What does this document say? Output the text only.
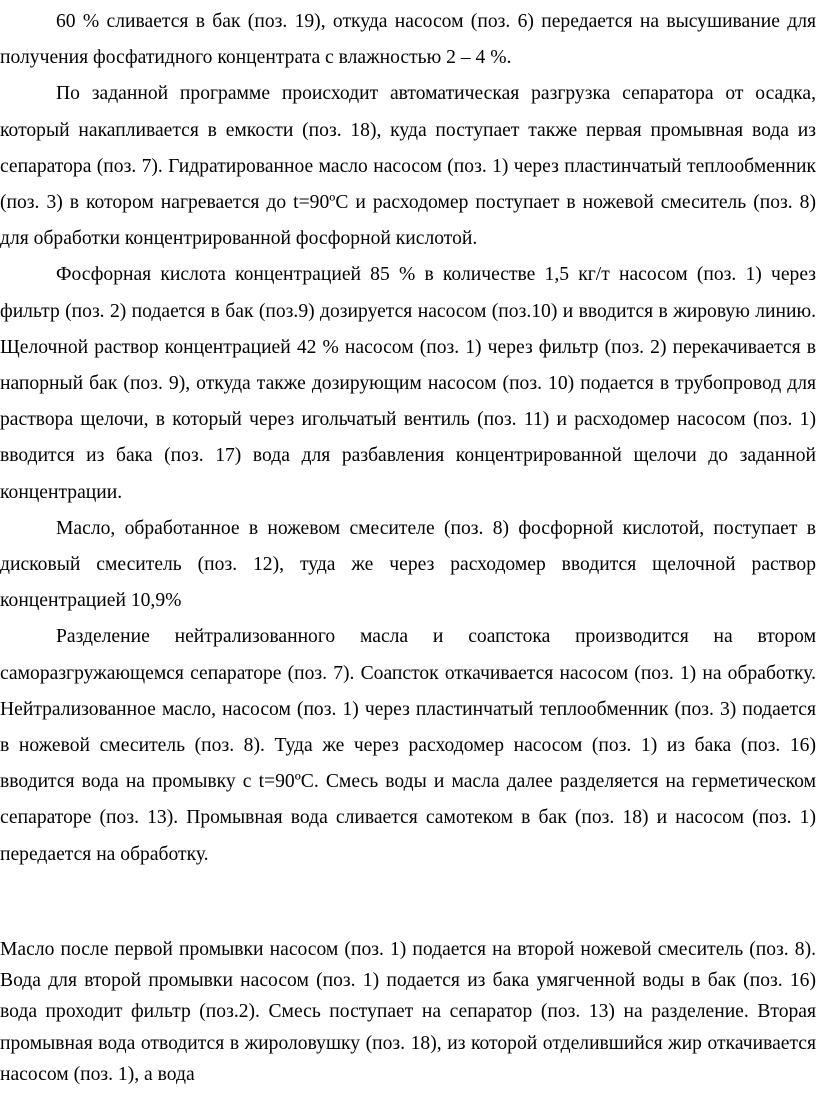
60 % сливается в бак (поз. 19), откуда насосом (поз. 6) передается на высушивание для получения фосфатидного концентрата с влажностью 2 – 4 %.

По заданной программе происходит автоматическая разгрузка сепаратора от осадка, который накапливается в емкости (поз. 18), куда поступает также первая промывная вода из сепаратора (поз. 7). Гидратированное масло насосом (поз. 1) через пластинчатый теплообменник (поз. 3) в котором нагревается до t=90ºС и расходомер поступает в ножевой смеситель (поз. 8) для обработки концентрированной фосфорной кислотой.

Фосфорная кислота концентрацией 85 % в количестве 1,5 кг/т насосом (поз. 1) через фильтр (поз. 2) подается в бак (поз.9) дозируется насосом (поз.10) и вводится в жировую линию. Щелочной раствор концентрацией 42 % насосом (поз. 1) через фильтр (поз. 2) перекачивается в напорный бак (поз. 9), откуда также дозирующим насосом (поз. 10) подается в трубопровод для раствора щелочи, в который через игольчатый вентиль (поз. 11) и расходомер насосом (поз. 1) вводится из бака (поз. 17) вода для разбавления концентрированной щелочи до заданной концентрации.

Масло, обработанное в ножевом смесителе (поз. 8) фосфорной кислотой, поступает в дисковый смеситель (поз. 12), туда же через расходомер вводится щелочной раствор концентрацией 10,9%

Разделение нейтрализованного масла и соапстока производится на втором саморазгружающемся сепараторе (поз. 7). Соапсток откачивается насосом (поз. 1) на обработку. Нейтрализованное масло, насосом (поз. 1) через пластинчатый теплообменник (поз. 3) подается в ножевой смеситель (поз. 8). Туда же через расходомер насосом (поз. 1) из бака (поз. 16) вводится вода на промывку с t=90ºС. Смесь воды и масла далее разделяется на герметическом сепараторе (поз. 13). Промывная вода сливается самотеком в бак (поз. 18) и насосом (поз. 1) передается на обработку.

Масло после первой промывки насосом (поз. 1) подается на второй ножевой смеситель (поз. 8). Вода для второй промывки насосом (поз. 1) подается из бака умягченной воды в бак (поз. 16) вода проходит фильтр (поз.2). Смесь поступает на сепаратор (поз. 13) на разделение. Вторая промывная вода отводится в жироловушку (поз. 18), из которой отделившийся жир откачивается насосом (поз. 1), а вода
